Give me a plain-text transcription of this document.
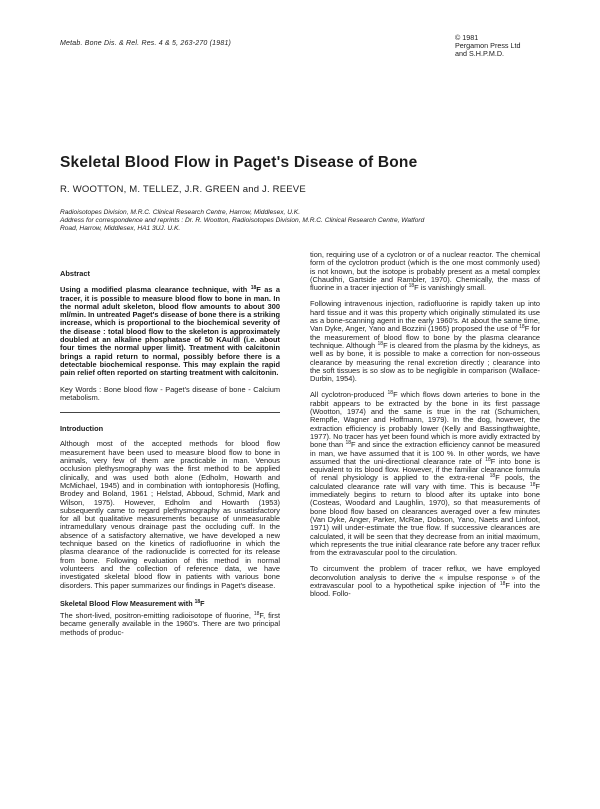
Metab. Bone Dis. & Rel. Res. 4 & 5, 263-270 (1981)
© 1981
Pergamon Press Ltd
and S.H.P.M.D.
Skeletal Blood Flow in Paget's Disease of Bone
R. WOOTTON, M. TELLEZ, J.R. GREEN and J. REEVE
Radioisotopes Division, M.R.C. Clinical Research Centre, Harrow, Middlesex, U.K.
Address for correspondence and reprints : Dr. R. Wootton, Radioisotopes Division, M.R.C. Clinical Research Centre, Watford
Road, Harrow, Middlesex, HA1 3UJ. U.K.
Abstract

Using a modified plasma clearance technique, with $^{18}$F as a tracer, it is possible to measure blood flow to bone in man. In the normal adult skeleton, blood flow amounts to about 300 ml/min. In untreated Paget's disease of bone there is a striking increase, which is proportional to the biochemical severity of the disease : total blood flow to the skeleton is approximately doubled at an alkaline phosphatase of 50 KAu/dl (i.e. about four times the normal upper limit). Treatment with calcitonin brings a rapid return to normal, possibly before there is a detectable biochemical response. This may explain the rapid pain relief often reported on starting treatment with calcitonin.

Key Words : Bone blood flow - Paget's disease of bone - Calcium metabolism.

Introduction

Although most of the accepted methods for blood flow measurement have been used to measure blood flow to bone in animals, very few of them are practicable in man. Venous occlusion plethysmography was the first method to be applied clinically, and was used both alone (Edholm, Howarth and McMichael, 1945) and in combination with iontophoresis (Hofling, Brodey and Boland, 1961 ; Helstad, Abboud, Schmid, Mark and Wilson, 1975). However, Edholm and Howarth (1953) subsequently came to regard plethysmography as unsatisfactory for all but qualitative measurements because of unmeasurable intramedullary venous drainage past the occluding cuff. In the absence of a satisfactory alternative, we have developed a new technique based on the kinetics of radiofluorine in which the plasma clearance of the radionuclide is corrected for its release from bone. Following evaluation of this method in normal volunteers and the collection of reference data, we have investigated skeletal blood flow in patients with various bone disorders. This paper summarizes our findings in Paget's disease.

Skeletal Blood Flow Measurement with $^{18}$F

The short-lived, positron-emitting radioisotope of fluorine, $^{18}$F, first became generally available in the 1960's. There are two principal methods of produc-

tion, requiring use of a cyclotron or of a nuclear reactor. The chemical form of the cyclotron product (which is the one most commonly used) is not known, but the isotope is probably present as a metal complex (Chaudhri, Gartside and Rambler, 1970). Chemically, the mass of fluorine in a tracer injection of $^{18}$F is vanishingly small.

Following intravenous injection, radiofluorine is rapidly taken up into hard tissue and it was this property which originally stimulated its use as a bone-scanning agent in the early 1960's. At about the same time, Van Dyke, Anger, Yano and Bozzini (1965) proposed the use of $^{18}$F for the measurement of blood flow to bone by the plasma clearance technique. Although $^{18}$F is cleared from the plasma by the kidneys, as well as by bone, it is possible to make a correction for non-osseous clearance by measuring the renal excretion directly ; clearance into the soft tissues is so slow as to be negligible in comparison (Wallace-Durbin, 1954).

All cyclotron-produced $^{18}$F which flows down arteries to bone in the rabbit appears to be extracted by the bone in its first passage (Wootton, 1974) and the same is true in the rat (Schumichen, Rempfle, Wagner and Hoffmann, 1979). In the dog, however, the extraction efficiency is probably lower (Kelly and Bassingthwaighte, 1977). No tracer has yet been found which is more avidly extracted by bone than $^{18}$F and since the extraction efficiency cannot be measured in man, we have assumed that it is 100 %. In other words, we have assumed that the uni-directional clearance rate of $^{18}$F into bone is equivalent to its blood flow. However, if the familiar clearance formula of renal physiology is applied to the extra-renal $^{18}$F pools, the calculated clearance rate will vary with time. This is because $^{18}$F immediately begins to return to blood after its uptake into bone (Costeas, Woodard and Laughlin, 1970), so that measurements of bone blood flow based on clearances averaged over a few minutes (Van Dyke, Anger, Parker, McRae, Dobson, Yano, Naets and Linfoot, 1971) will under-estimate the true flow. If successive clearances are calculated, it will be seen that they decrease from an initial maximum, which represents the true initial clearance rate before any tracer reflux from the extravascular pool to the circulation.

To circumvent the problem of tracer reflux, we have employed deconvolution analysis to derive the « impulse response » of the extravascular pool to a hypothetical spike injection of $^{18}$F into the blood. Follo-
